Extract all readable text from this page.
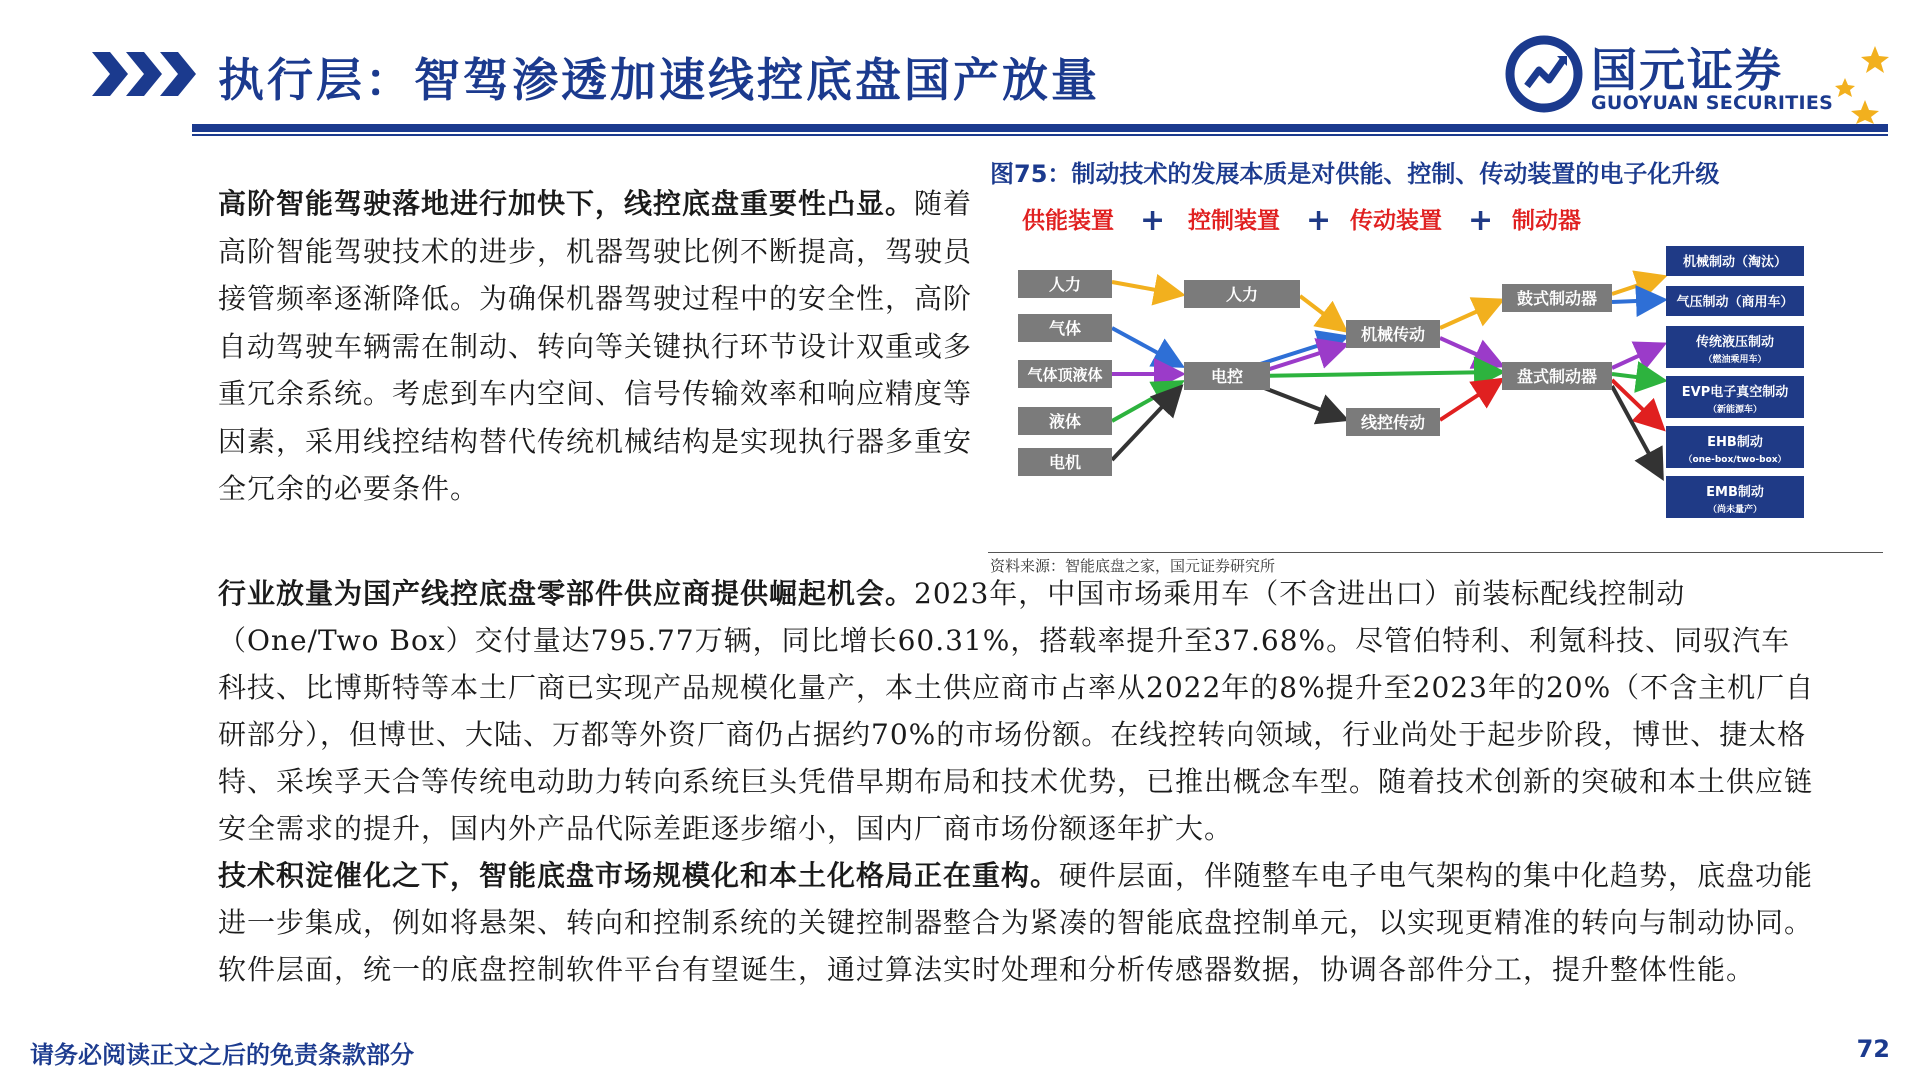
执行层：智驾渗透加速线控底盘国产放量	国元证券
GUOYUAN SECURITIES
高阶智能驾驶落地进行加快下，线控底盘重要性凸显。随着高阶智能驾驶技术的进步，机器驾驶比例不断提高，驾驶员接管频率逐渐降低。为确保机器驾驶过程中的安全性，高阶自动驾驶车辆需在制动、转向等关键执行环节设计双重或多重冗余系统。考虑到车内空间、信号传输效率和响应精度等因素，采用线控结构替代传统机械结构是实现执行器多重安全冗余的必要条件。
图75：制动技术的发展本质是对供能、控制、传动装置的电子化升级
供能装置 + 控制装置 + 传动装置 + 制动器
人力
气体
气体顶液体
液体
电机
人力
电控
机械传动
线控传动
鼓式制动器
盘式制动器
机械制动（淘汰）
气压制动（商用车）
传统液压制动
（燃油乘用车）
EVP电子真空制动
（新能源车）
EHB制动
（one-box/two-box）
EMB制动
（尚未量产）
资料来源：智能底盘之家，国元证券研究所

行业放量为国产线控底盘零部件供应商提供崛起机会。2023年，中国市场乘用车（不含进出口）前装标配线控制动（One/Two Box）交付量达795.77万辆，同比增长60.31%，搭载率提升至37.68%。尽管伯特利、利氪科技、同驭汽车科技、比博斯特等本土厂商已实现产品规模化量产，本土供应商市占率从2022年的8%提升至2023年的20%（不含主机厂自研部分），但博世、大陆、万都等外资厂商仍占据约70%的市场份额。在线控转向领域，行业尚处于起步阶段，博世、捷太格特、采埃孚天合等传统电动助力转向系统巨头凭借早期布局和技术优势，已推出概念车型。随着技术创新的突破和本土供应链安全需求的提升，国内外产品代际差距逐步缩小，国内厂商市场份额逐年扩大。

技术积淀催化之下，智能底盘市场规模化和本土化格局正在重构。硬件层面，伴随整车电子电气架构的集中化趋势，底盘功能进一步集成，例如将悬架、转向和控制系统的关键控制器整合为紧凑的智能底盘控制单元，以实现更精准的转向与制动协同。软件层面，统一的底盘控制软件平台有望诞生，通过算法实时处理和分析传感器数据，协调各部件分工，提升整体性能。

请务必阅读正文之后的免责条款部分	72
